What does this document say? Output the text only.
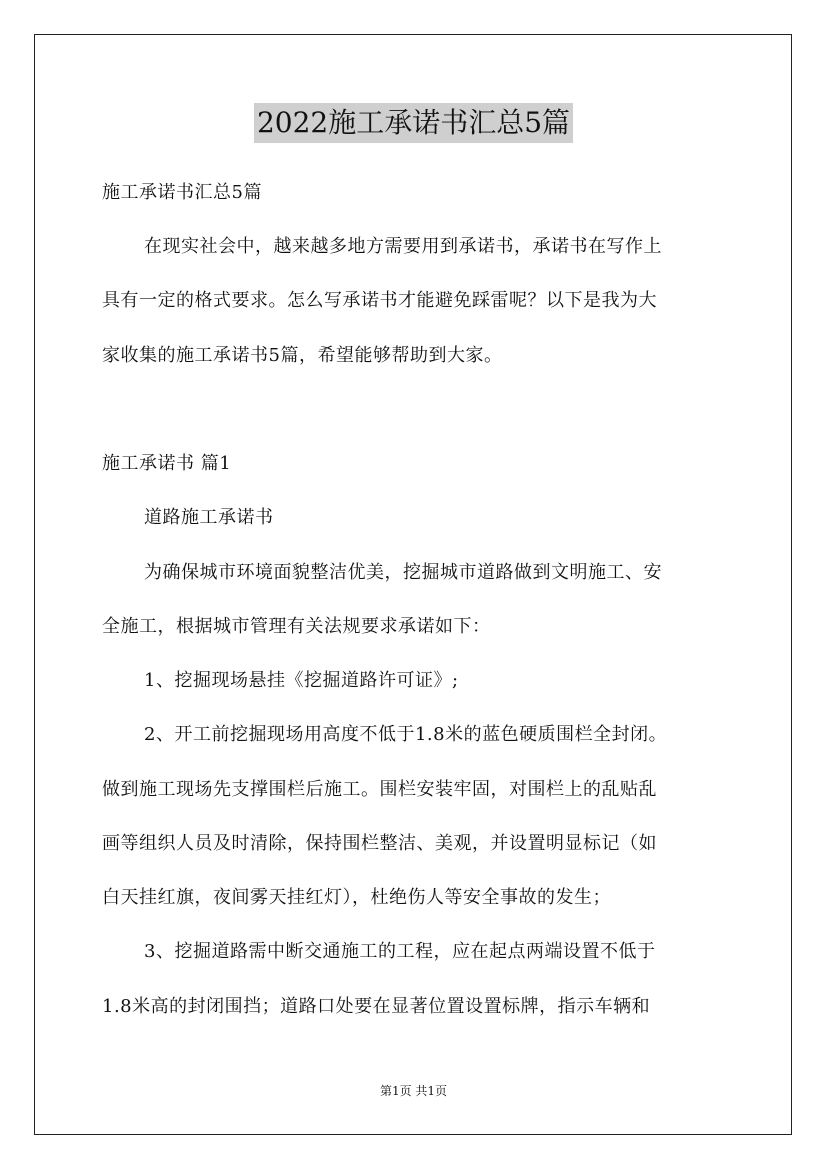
2022施工承诺书汇总5篇
施工承诺书汇总5篇
在现实社会中，越来越多地方需要用到承诺书，承诺书在写作上
具有一定的格式要求。怎么写承诺书才能避免踩雷呢？以下是我为大
家收集的施工承诺书5篇，希望能够帮助到大家。
施工承诺书 篇1
道路施工承诺书
为确保城市环境面貌整洁优美，挖掘城市道路做到文明施工、安
全施工，根据城市管理有关法规要求承诺如下：
1、挖掘现场悬挂《挖掘道路许可证》;
2、开工前挖掘现场用高度不低于1.8米的蓝色硬质围栏全封闭。
做到施工现场先支撑围栏后施工。围栏安装牢固，对围栏上的乱贴乱
画等组织人员及时清除，保持围栏整洁、美观，并设置明显标记（如
白天挂红旗，夜间雾天挂红灯），杜绝伤人等安全事故的发生；
3、挖掘道路需中断交通施工的工程，应在起点两端设置不低于
1.8米高的封闭围挡；道路口处要在显著位置设置标牌，指示车辆和
第1页 共1页
